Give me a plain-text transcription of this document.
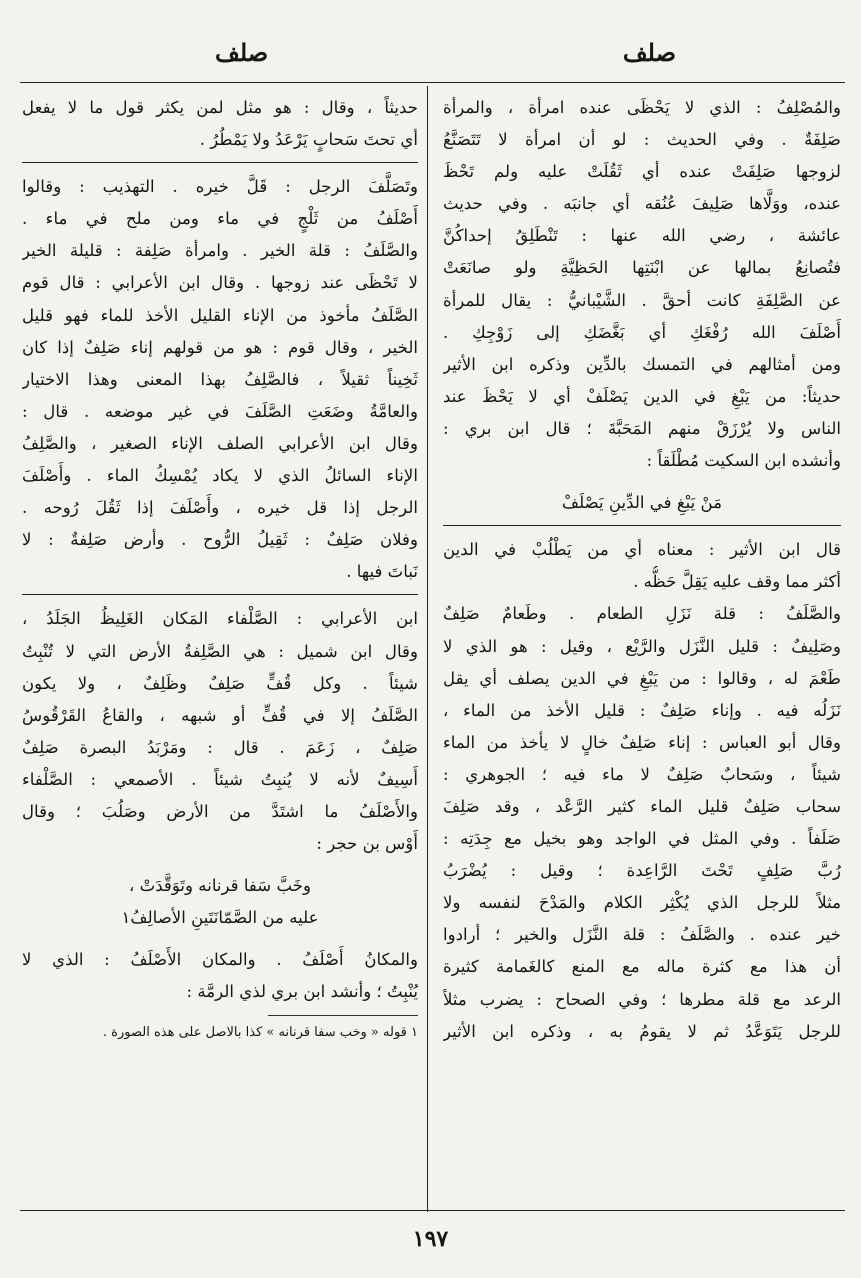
صلف
صلف

والمُصْلِفُ : الذي لا يَحْظَى عنده امرأة ، والمرأة
صَلِفَةٌ . وفي الحديث : لو أن امرأة لا تَتَصَنَّعُ
لزوجها صَلِفَتْ عنده أي ثَقُلَتْ عليه ولم تَحْظَ
عنده، ووَلَّاها صَلِيفَ عُنُقه أي جانبَه . وفي حديث
عائشة ، رضي الله عنها : تَنْطَلِقُ إحداكُنَّ
فتُصانِعُ بمالها عن ابْنَتِها الحَظِيَّةِ ولو صانَعَتْ
عن الصَّلِفَةِ كانت أحقَّ . الشَّيْبانيُّ : يقال للمرأة
أَصْلَفَ الله رُفْغَكِ أي بَغَّضَكِ إلى زَوْجِكِ .
ومن أمثالهم في التمسك بالدِّين وذكره ابن الأثير
حديثاً: من يَبْغِ في الدين يَصْلَفْ أي لا يَحْظَ عند
الناس ولا يُرْزَقْ منهم المَحَبَّةَ ؛ قال ابن بري :
وأنشده ابن السكيت مُطْلَقاً :

مَنْ يَبْغِ في الدِّينِ يَصْلَفْ

قال ابن الأثير : معناه أي من يَطْلُبْ في الدين
أكثر مما وقف عليه يَقِلَّ حَظُّه .
والصَّلَفُ : قلة نَزَلِ الطعام . وطَعامٌ صَلِفٌ
وصَلِيفٌ : قليل النَّزَل والرَّيْع ، وقيل : هو الذي لا
طَعْمَ له ، وقالوا : من يَبْغِ في الدين يصلف أي يقل
نَزَلُه فيه . وإناء صَلِفٌ : قليل الأخذ من الماء ،
وقال أبو العباس : إناء صَلِفٌ خالٍ لا يأخذ من الماء
شيئاً ، وسَحابٌ صَلِفٌ لا ماء فيه ؛ الجوهري :
سحاب صَلِفٌ قليل الماء كثير الرَّعْد ، وقد صَلِفَ
صَلَفاً . وفي المثل في الواجد وهو بخيل مع جِدَتِه :
رُبَّ صَلِفٍ تَحْتَ الرَّاعِدة ؛ وقيل : يُضْرَبُ
مثلاً للرجل الذي يُكْثِر الكلام والمَدْحَ لنفسه ولا
خير عنده . والصَّلَفُ : قلة النَّزَل والخير ؛ أرادوا
أن هذا مع كثرة ماله مع المنع كالغَمامة كثيرة
الرعد مع قلة مطرها ؛ وفي الصحاح : يضرب مثلاً
للرجل يَتَوَعَّدُ ثم لا يقومُ به ، وذكره ابن الأثير

حديثاً ، وقال : هو مثل لمن يكثر قول ما لا يفعل
أي تحتَ سَحابٍ يَرْعَدُ ولا يَمْطُرُ .

وتَصَلَّفَ الرجل : قَلَّ خيره . التهذيب : وقالوا
أَصْلَفُ من ثَلْجٍ في ماء ومن ملح في ماء .
والصَّلَفُ : قلة الخير . وامرأة صَلِفة : قليلة الخير
لا تَحْظَى عند زوجها . وقال ابن الأعرابي : قال قوم
الصَّلَفُ مأخوذ من الإناء القليل الأخذ للماء فهو قليل
الخير ، وقال قوم : هو من قولهم إناء صَلِفٌ إذا كان
ثَخِيناً ثقيلاً ، فالصَّلِفُ بهذا المعنى وهذا الاختيار
والعامَّةُ وضَعَتِ الصَّلَفَ في غير موضعه . قال :
وقال ابن الأعرابي الصلف الإناء الصغير ، والصَّلِفُ
الإناء السائلُ الذي لا يكاد يُمْسِكُ الماء . وأَصْلَفَ
الرجل إذا قل خيره ، وأَصْلَفَ إذا ثَقُلَ رُوحه .
وفلان صَلِفٌ : ثَقِيلُ الرُّوح . وأرض صَلِفةٌ : لا
نَباتَ فيها .

ابن الأعرابي : الصَّلْفاء المَكان الغَلِيظُ الجَلَدُ ،
وقال ابن شميل : هي الصَّلِفةُ الأرض التي لا تُنْبِتُ
شيئاً . وكل قُفٍّ صَلِفٌ وظَلِفٌ ، ولا يكون
الصَّلَفُ إلا في قُفٍّ أو شبهه ، والقاعُ القَرْقُوسُ
صَلِفٌ ، زَعَمَ . قال : ومَرْبَدُ البصرة صَلِفٌ
أَسِيفٌ لأنه لا يُنبِتُ شيئاً . الأصمعي : الصَّلْفاء
والأَصْلَفُ ما اشتَدَّ من الأرض وصَلُبَ ؛ وقال
أَوْس بن حجر :

وخَبَّ سَفا قرنانه وتَوَقَّدَتْ ،
عليه من الصَّمّانَتَينِ الأصالِفُ١

والمكانُ أَصْلَفُ . والمكان الأَصْلَفُ : الذي لا
يُنْبِتُ ؛ وأنشد ابن بري لذي الرمَّة :

١ قوله « وخب سفا قرنانه » كذا بالاصل على هذه الصورة .
١٩٧
